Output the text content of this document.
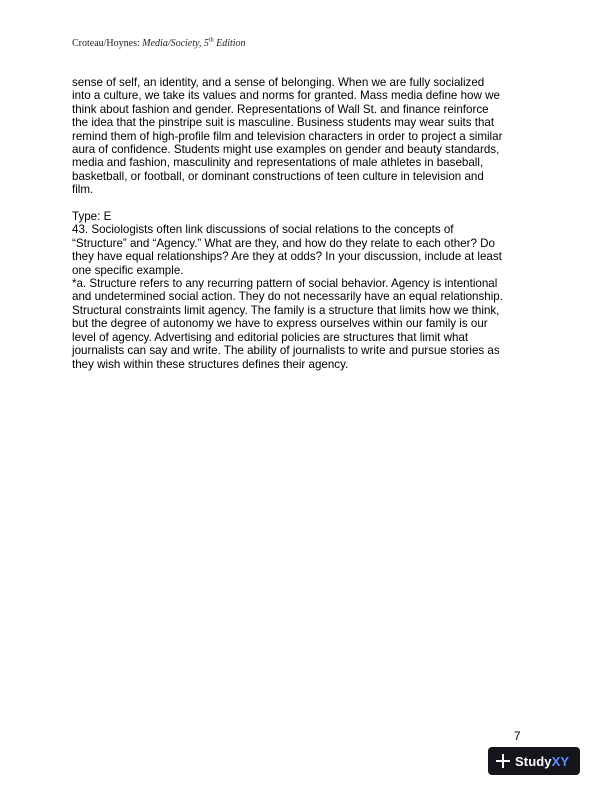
Croteau/Hoynes: Media/Society, 5th Edition

sense of self, an identity, and a sense of belonging. When we are fully socialized
into a culture, we take its values and norms for granted. Mass media define how we
think about fashion and gender. Representations of Wall St. and finance reinforce
the idea that the pinstripe suit is masculine. Business students may wear suits that
remind them of high-profile film and television characters in order to project a similar
aura of confidence. Students might use examples on gender and beauty standards,
media and fashion, masculinity and representations of male athletes in baseball,
basketball, or football, or dominant constructions of teen culture in television and
film.

Type: E

43. Sociologists often link discussions of social relations to the concepts of
“Structure” and “Agency.” What are they, and how do they relate to each other? Do
they have equal relationships? Are they at odds? In your discussion, include at least
one specific example.

*a. Structure refers to any recurring pattern of social behavior. Agency is intentional
and undetermined social action. They do not necessarily have an equal relationship.
Structural constraints limit agency. The family is a structure that limits how we think,
but the degree of autonomy we have to express ourselves within our family is our
level of agency. Advertising and editorial policies are structures that limit what
journalists can say and write. The ability of journalists to write and pursue stories as
they wish within these structures defines their agency.

7
StudyXY
